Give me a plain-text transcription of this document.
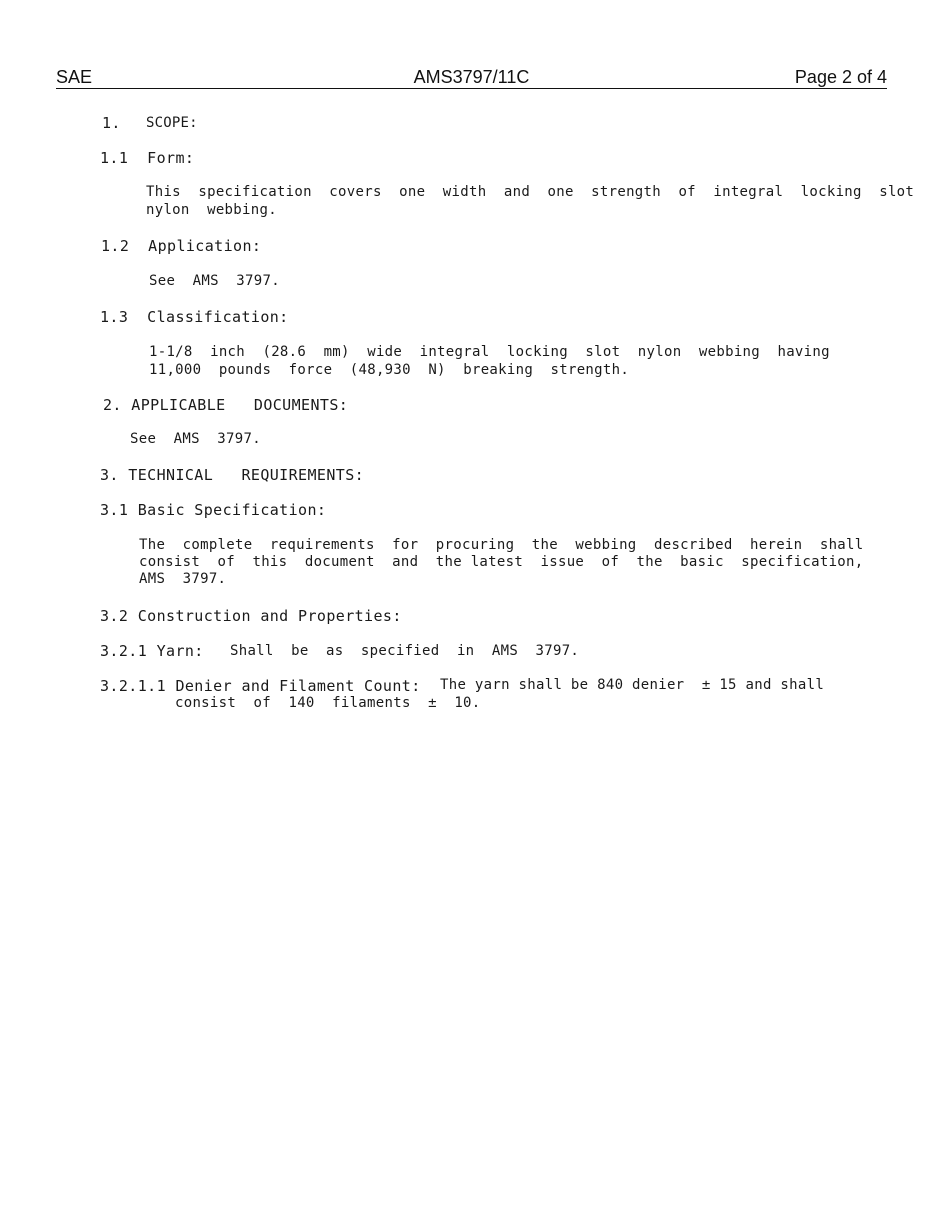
SAE	AMS3797/11C	Page 2 of 4
1. SCOPE:
1.1  Form:
This  specification  covers  one  width  and  one  strength  of  integral  locking  slot
nylon  webbing.
1.2  Application:
See  AMS  3797.
1.3  Classification:
1-1/8  inch  (28.6  mm)  wide  integral  locking  slot  nylon  webbing  having
11,000  pounds  force  (48,930  N)  breaking  strength.
2. APPLICABLE   DOCUMENTS:
See  AMS  3797.
3. TECHNICAL   REQUIREMENTS:
3.1 Basic Specification:
The  complete  requirements  for  procuring  the  webbing  described  herein  shall
consist  of  this  document  and  the latest  issue  of  the  basic  specification,
AMS  3797.
3.2 Construction and Properties:
3.2.1 Yarn: Shall  be  as  specified  in  AMS  3797.
3.2.1.1 Denier and Filament Count: The yarn shall be 840 denier  ± 15 and shall
consist  of  140  filaments  ±  10.
